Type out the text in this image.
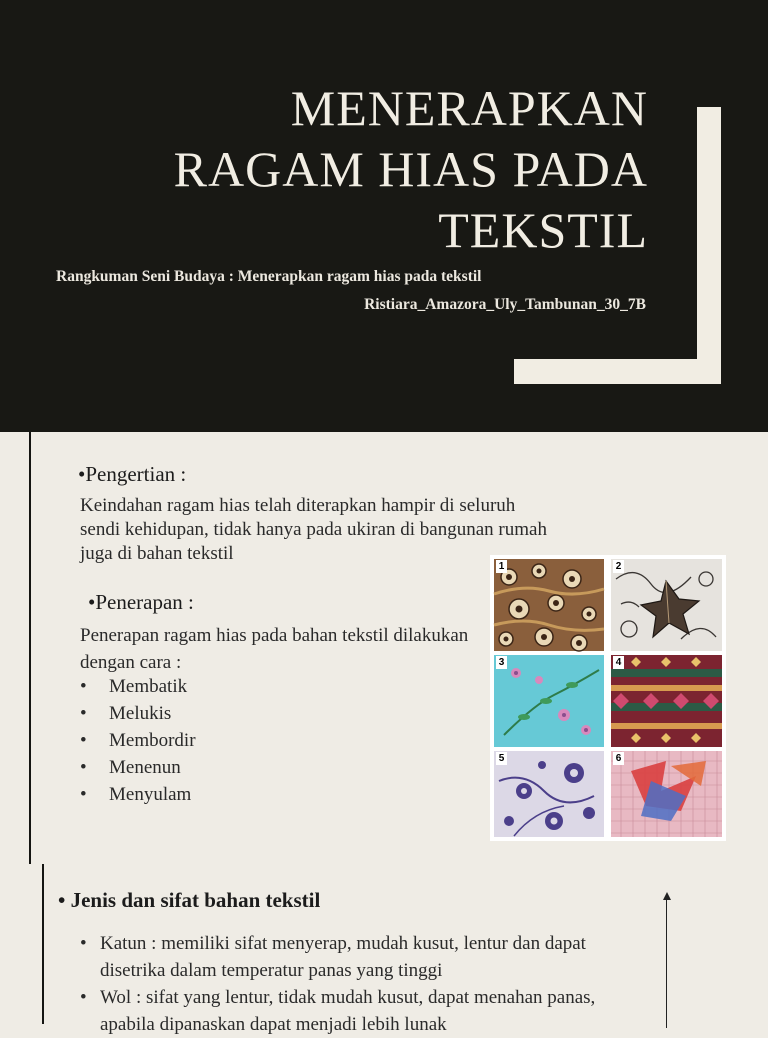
MENERAPKAN
RAGAM HIAS PADA
TEKSTIL
Rangkuman Seni Budaya : Menerapkan ragam hias pada tekstil
Ristiara_Amazora_Uly_Tambunan_30_7B
•Pengertian :

Keindahan ragam hias telah diterapkan hampir di seluruh sendi kehidupan, tidak hanya pada ukiran di bangunan rumah juga di bahan tekstil

•Penerapan :

Penerapan ragam hias pada bahan tekstil dilakukan dengan cara :

• Membatik
• Melukis
• Membordir
• Menenun
• Menyulam
1	2
3	4
5	6
• Jenis dan sifat bahan tekstil
• Katun : memiliki sifat menyerap, mudah kusut, lentur dan dapat disetrika dalam temperatur panas yang tinggi
• Wol : sifat yang lentur, tidak mudah kusut, dapat menahan panas, apabila dipanaskan dapat menjadi lebih lunak
